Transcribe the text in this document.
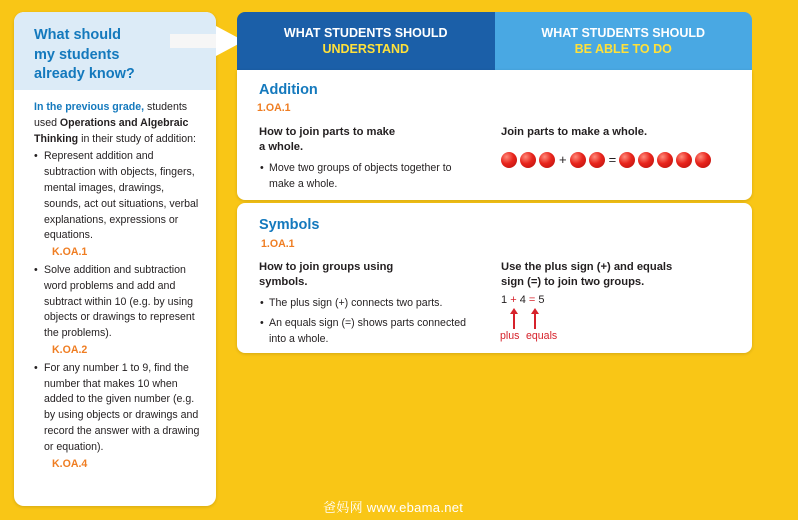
What should
my students
already know?
In the previous grade, students used Operations and Algebraic Thinking in their study of addition:
• Represent addition and subtraction with objects, fingers, mental images, drawings, sounds, act out situations, verbal explanations, expressions or equations.
K.OA.1
• Solve addition and subtraction word problems and add and subtract within 10 (e.g. by using objects or drawings to represent the problems).
K.OA.2
• For any number 1 to 9, find the number that makes 10 when added to the given number (e.g. by using objects or drawings and record the answer with a drawing or equation).
K.OA.4
WHAT STUDENTS SHOULD
UNDERSTAND
WHAT STUDENTS SHOULD
BE ABLE TO DO
Addition
1.OA.1
How to join parts to make
a whole.
• Move two groups of objects together to
make a whole.
Join parts to make a whole.
+	=
Symbols
1.OA.1
How to join groups using
symbols.
• The plus sign (+) connects two parts.
• An equals sign (=) shows parts connected
into a whole.
Use the plus sign (+) and equals
sign (=) to join two groups.
1 + 4 = 5
plus equals
爸妈网 www.ebama.net
